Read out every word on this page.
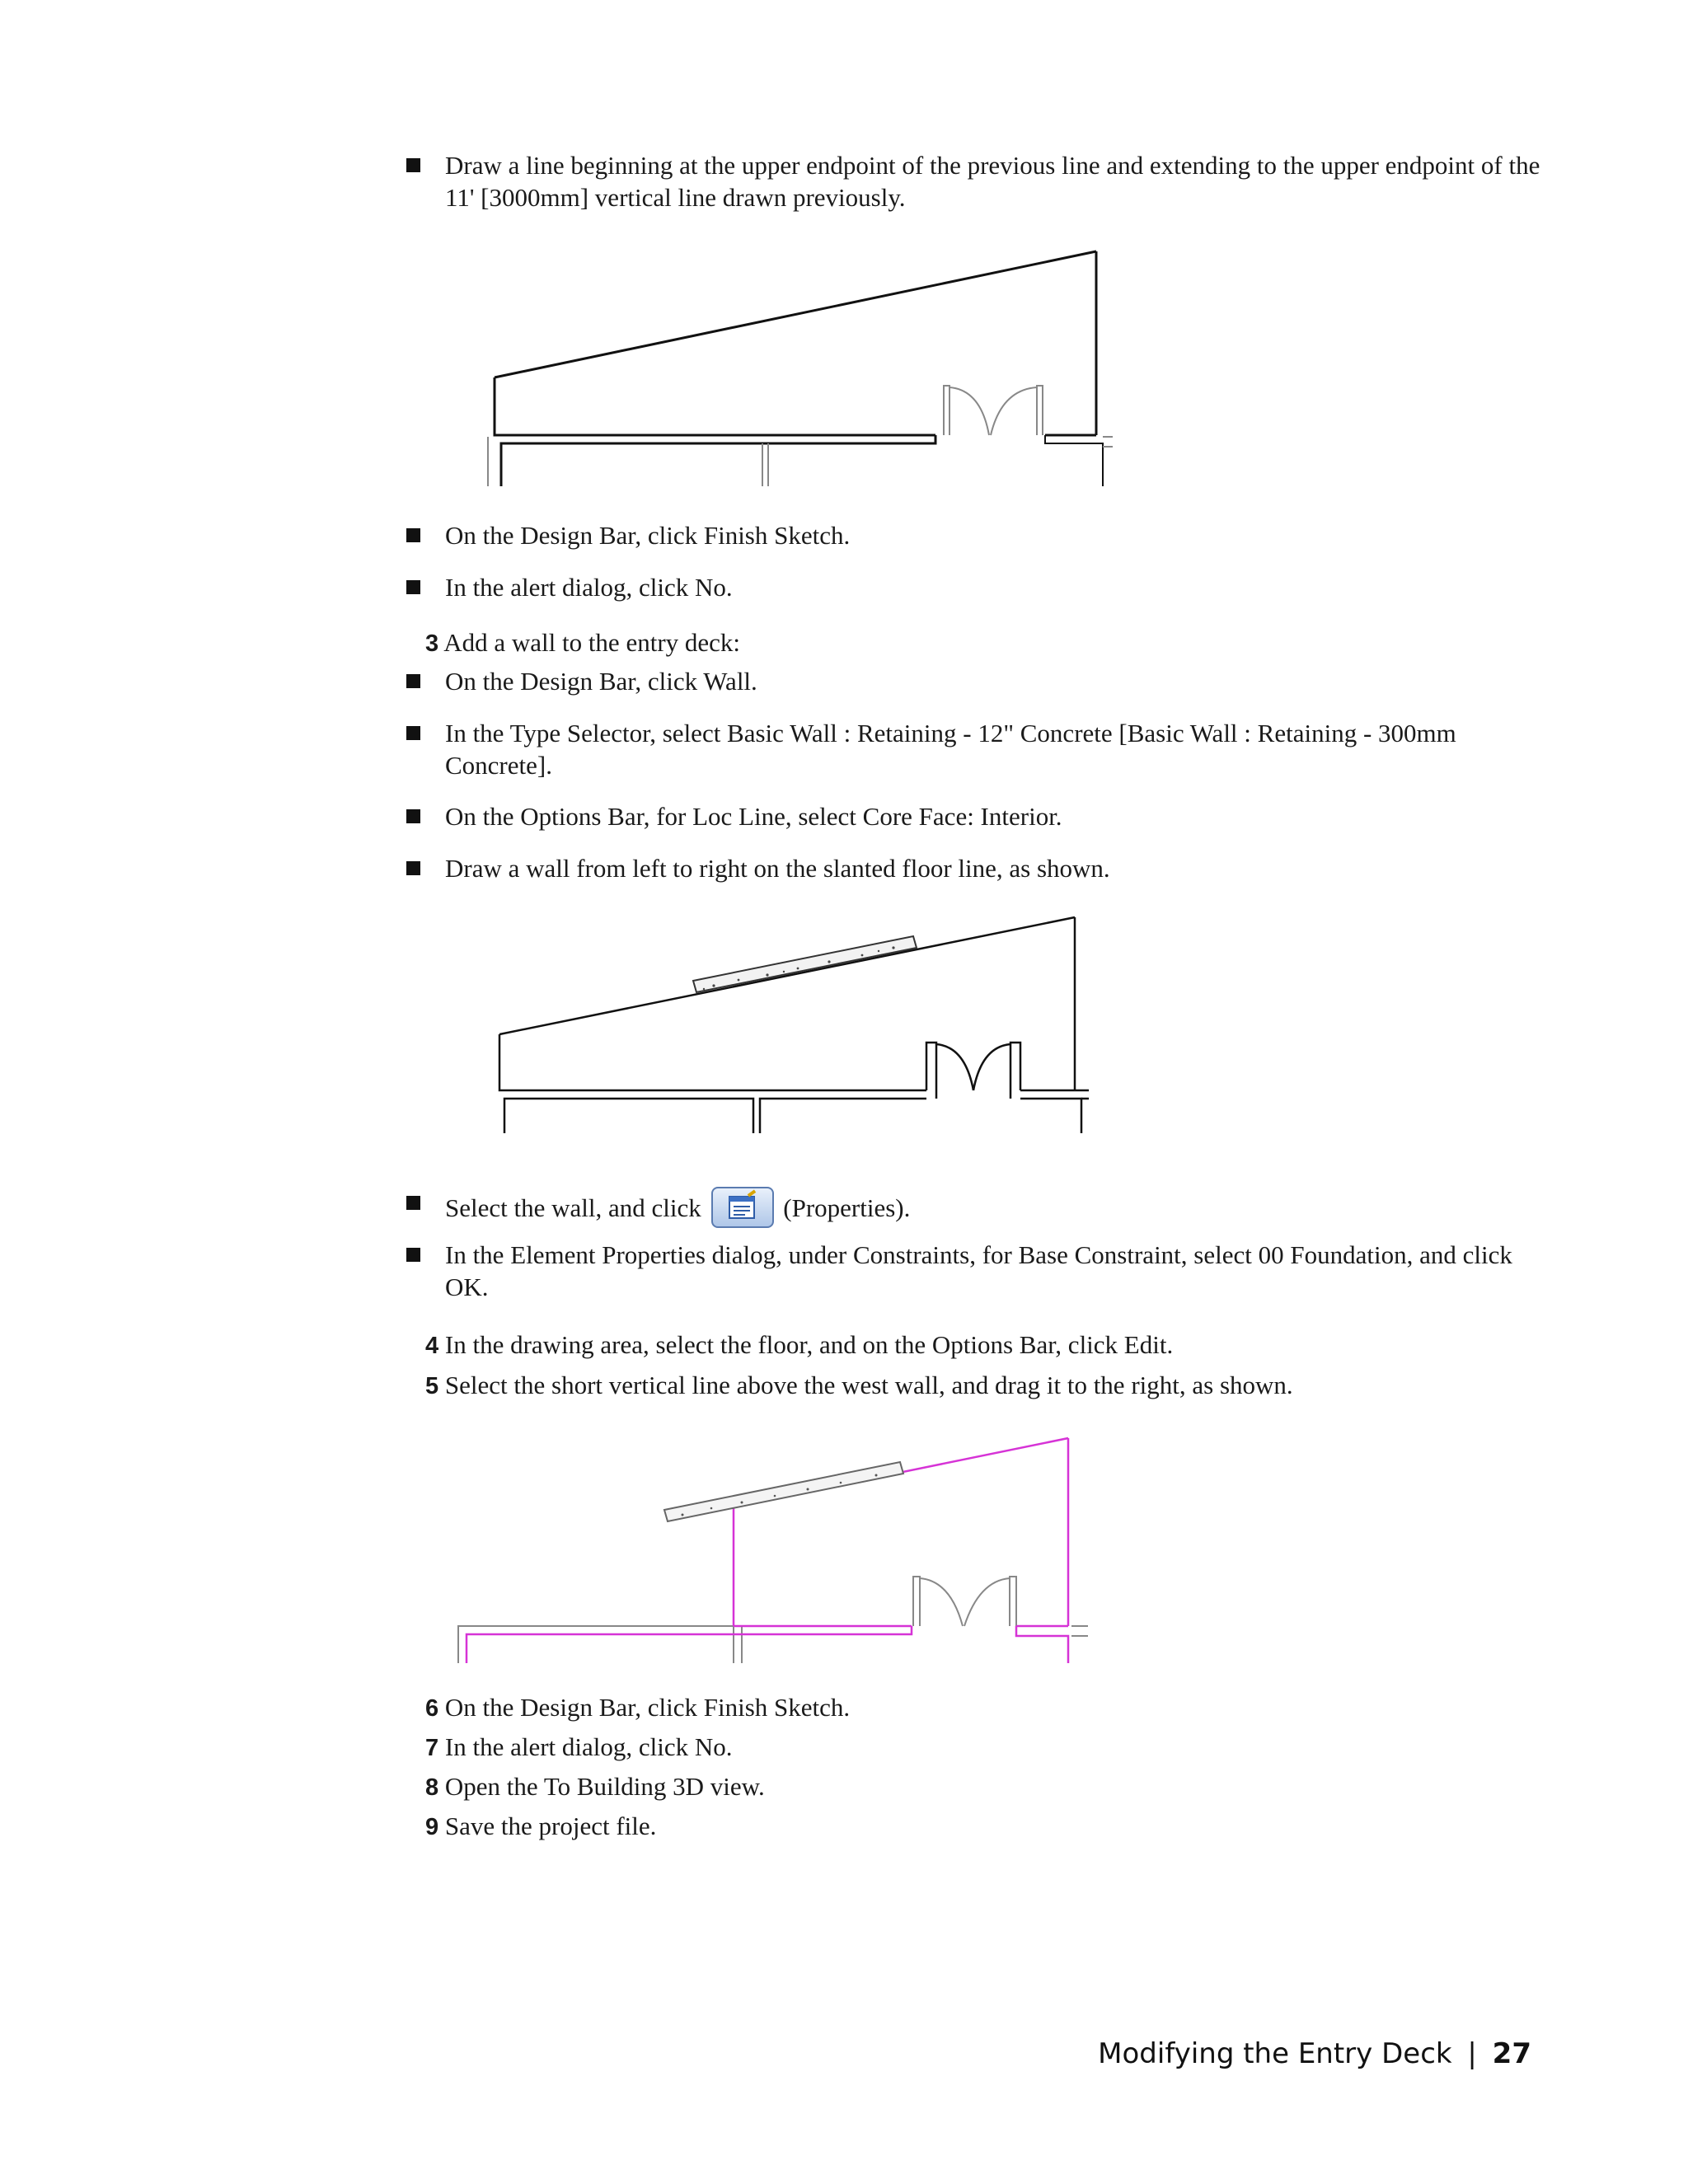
Draw a line beginning at the upper endpoint of the previous line and extending to the upper endpoint of the 11' [3000mm] vertical line drawn previously.
On the Design Bar, click Finish Sketch.
In the alert dialog, click No.
3 Add a wall to the entry deck:
On the Design Bar, click Wall.
In the Type Selector, select Basic Wall : Retaining - 12" Concrete [Basic Wall : Retaining - 300mm Concrete].
On the Options Bar, for Loc Line, select Core Face: Interior.
Draw a wall from left to right on the slanted floor line, as shown.
Select the wall, and click	(Properties).
In the Element Properties dialog, under Constraints, for Base Constraint, select 00 Foundation, and click OK.
4 In the drawing area, select the floor, and on the Options Bar, click Edit.
5 Select the short vertical line above the west wall, and drag it to the right, as shown.
6 On the Design Bar, click Finish Sketch.
7 In the alert dialog, click No.
8 Open the To Building 3D view.
9 Save the project file.
Modifying the Entry Deck | 27
